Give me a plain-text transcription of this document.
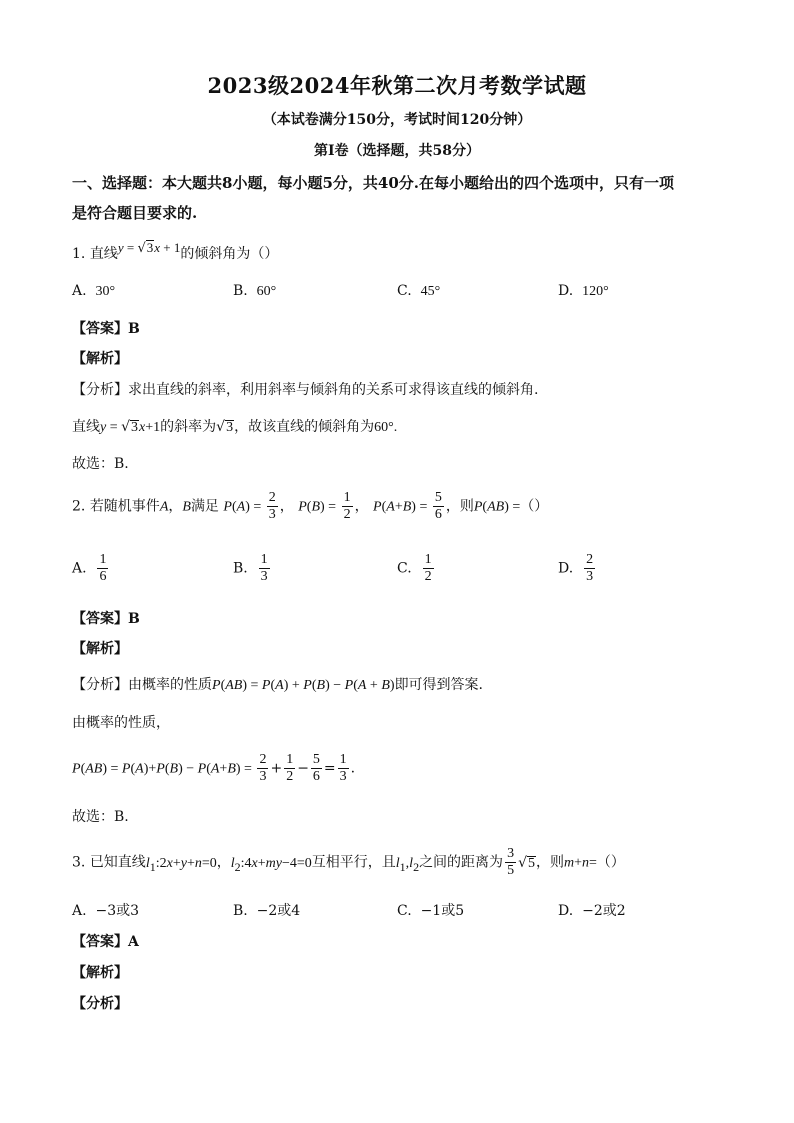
2023级2024年秋第二次月考数学试题
（本试卷满分150分，考试时间120分钟）
第I卷（选择题，共58分）
一、选择题：本大题共8小题，每小题5分，共40分.在每小题给出的四个选项中，只有一项
是符合题目要求的.
1. 直线y = √3x + 1的倾斜角为（）
A. 30°	B. 60°	C. 45°	D. 120°
【答案】B
【解析】
【分析】求出直线的斜率，利用斜率与倾斜角的关系可求得该直线的倾斜角.
直线y = √3x+1的斜率为√3，故该直线的倾斜角为60°.
故选：B.
2. 若随机事件A，B满足 $P(A) = \frac{2}{3}$ ， $P(B) = \frac{1}{2}$ ， $P(A+B) = \frac{5}{6}$ ，则P(AB) =（）
A. $\frac{1}{6}$	B. $\frac{1}{3}$	C. $\frac{1}{2}$	D. $\frac{2}{3}$
【答案】B
【解析】
【分析】由概率的性质P(AB) = P(A) + P(B) − P(A + B)即可得到答案.
由概率的性质，
$P(AB) = P(A)+P(B) - P(A+B) = \frac{2}{3} + \frac{1}{2} - \frac{5}{6} = \frac{1}{3}$ .
故选：B.
3. 已知直线$l_1:2x+y+n=0$，$l_2:4x+my-4=0$互相平行，且$l_1,l_2$之间的距离为 $\frac{3}{5} √5$，则m+n=（）
A. −3或3	B. −2或4	C. −1或5	D. −2或2
【答案】A
【解析】
【分析】
